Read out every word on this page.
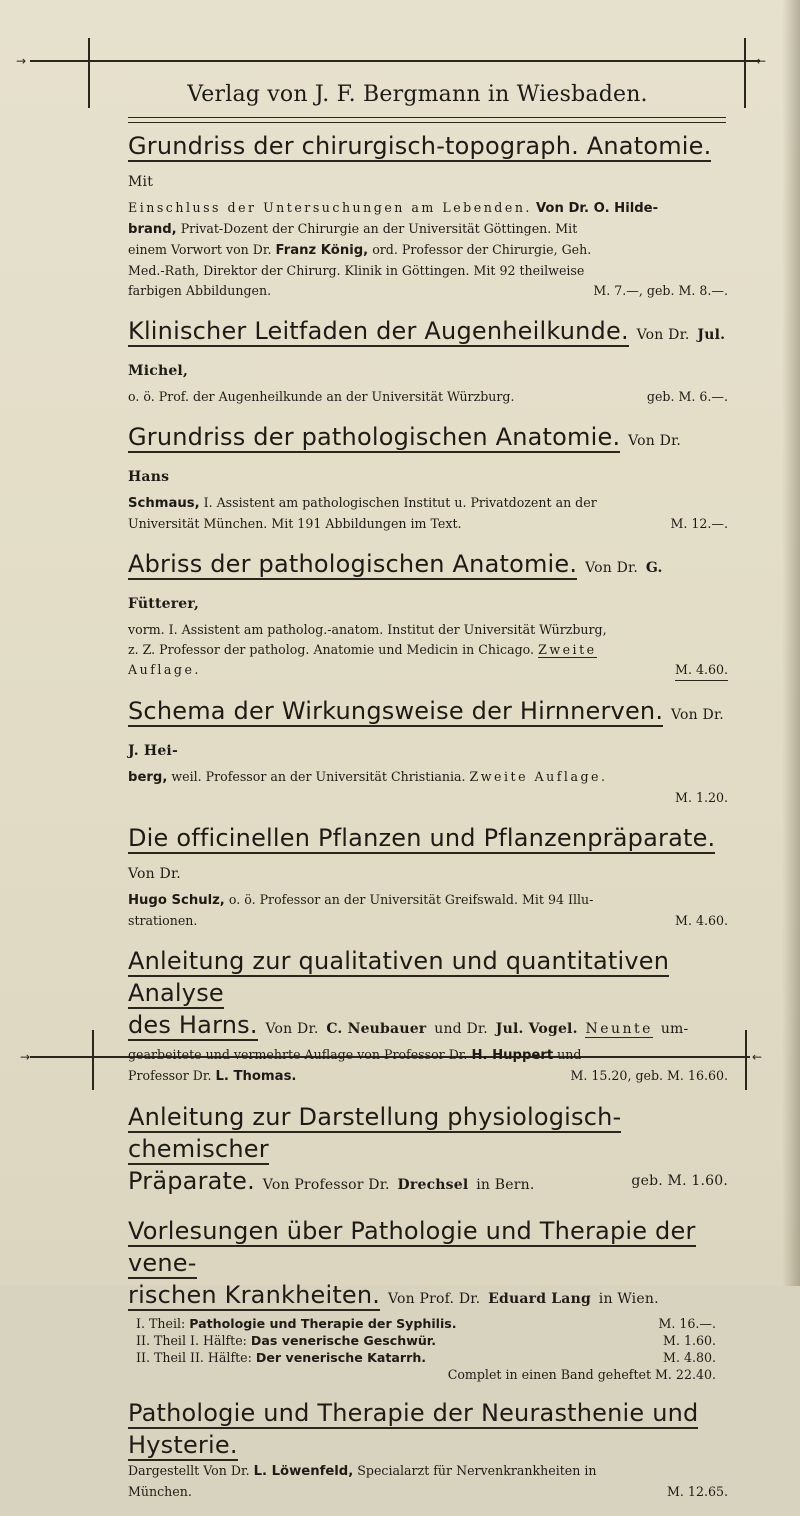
→	←
→	←
Verlag von J. F. Bergmann in Wiesbaden.
Grundriss der chirurgisch-topograph. Anatomie. Mit
Einschluss der Untersuchungen am Lebenden. Von Dr. O. Hilde-
brand, Privat-Dozent der Chirurgie an der Universität Göttingen. Mit
einem Vorwort von Dr. Franz König, ord. Professor der Chirurgie, Geh.
Med.-Rath, Direktor der Chirurg. Klinik in Göttingen. Mit 92 theilweise
farbigen Abbildungen.	M. 7.—, geb. M. 8.—.
Klinischer Leitfaden der Augenheilkunde. Von Dr. Jul. Michel,
o. ö. Prof. der Augenheilkunde an der Universität Würzburg.	geb. M. 6.—.
Grundriss der pathologischen Anatomie. Von Dr. Hans
Schmaus, I. Assistent am pathologischen Institut u. Privatdozent an der
Universität München. Mit 191 Abbildungen im Text.	M. 12.—.
Abriss der pathologischen Anatomie. Von Dr. G. Fütterer,
vorm. I. Assistent am patholog.-anatom. Institut der Universität Würzburg,
z. Z. Professor der patholog. Anatomie und Medicin in Chicago. Zweite
Auflage.	M. 4.60.
Schema der Wirkungsweise der Hirnnerven. Von Dr. J. Hei-
berg, weil. Professor an der Universität Christiania. Zweite Auflage.
M. 1.20.
Die officinellen Pflanzen und Pflanzenpräparate. Von Dr.
Hugo Schulz, o. ö. Professor an der Universität Greifswald. Mit 94 Illu-
strationen.	M. 4.60.
Anleitung zur qualitativen und quantitativen Analyse
des Harns. Von Dr. C. Neubauer und Dr. Jul. Vogel. Neunte um-
gearbeitete und vermehrte Auflage von Professor Dr. H. Huppert und
Professor Dr. L. Thomas.	M. 15.20, geb. M. 16.60.
Anleitung zur Darstellung physiologisch-chemischer
Präparate. Von Professor Dr. Drechsel in Bern.	geb. M. 1.60.
Vorlesungen über Pathologie und Therapie der vene-
rischen Krankheiten. Von Prof. Dr. Eduard Lang in Wien.
I. Theil: Pathologie und Therapie der Syphilis.	M. 16.—.
II. Theil I. Hälfte: Das venerische Geschwür.	M. 1.60.
II. Theil II. Hälfte: Der venerische Katarrh.	M. 4.80.
Complet in einen Band geheftet M. 22.40.
Pathologie und Therapie der Neurasthenie und Hysterie.
Dargestellt Von Dr. L. Löwenfeld, Specialarzt für Nervenkrankheiten in
München.	M. 12.65.
